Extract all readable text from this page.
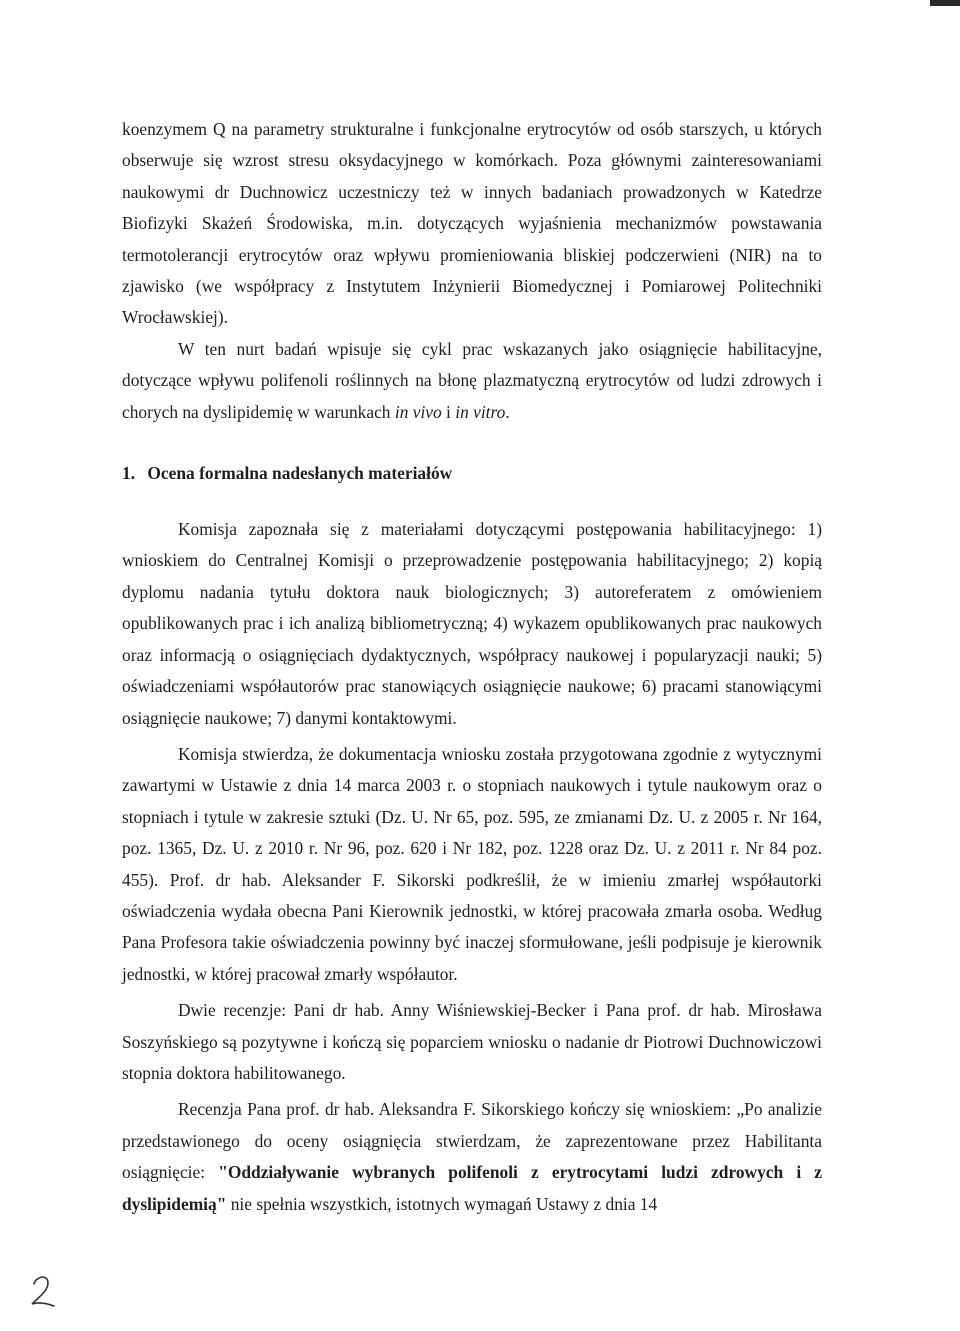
koenzymem Q na parametry strukturalne i funkcjonalne erytrocytów od osób starszych, u których obserwuje się wzrost stresu oksydacyjnego w komórkach. Poza głównymi zainteresowaniami naukowymi dr Duchnowicz uczestniczy też w innych badaniach prowadzonych w Katedrze Biofizyki Skażeń Środowiska, m.in. dotyczących wyjaśnienia mechanizmów powstawania termotolerancji erytrocytów oraz wpływu promieniowania bliskiej podczerwieni (NIR) na to zjawisko (we współpracy z Instytutem Inżynierii Biomedycznej i Pomiarowej Politechniki Wrocławskiej).

W ten nurt badań wpisuje się cykl prac wskazanych jako osiągnięcie habilitacyjne, dotyczące wpływu polifenoli roślinnych na błonę plazmatyczną erytrocytów od ludzi zdrowych i chorych na dyslipidemię w warunkach in vivo i in vitro.

1. Ocena formalna nadesłanych materiałów

Komisja zapoznała się z materiałami dotyczącymi postępowania habilitacyjnego: 1) wnioskiem do Centralnej Komisji o przeprowadzenie postępowania habilitacyjnego; 2) kopią dyplomu nadania tytułu doktora nauk biologicznych; 3) autoreferatem z omówieniem opublikowanych prac i ich analizą bibliometryczną; 4) wykazem opublikowanych prac naukowych oraz informacją o osiągnięciach dydaktycznych, współpracy naukowej i popularyzacji nauki; 5) oświadczeniami współautorów prac stanowiących osiągnięcie naukowe; 6) pracami stanowiącymi osiągnięcie naukowe; 7) danymi kontaktowymi.

Komisja stwierdza, że dokumentacja wniosku została przygotowana zgodnie z wytycznymi zawartymi w Ustawie z dnia 14 marca 2003 r. o stopniach naukowych i tytule naukowym oraz o stopniach i tytule w zakresie sztuki (Dz. U. Nr 65, poz. 595, ze zmianami Dz. U. z 2005 r. Nr 164, poz. 1365, Dz. U. z 2010 r. Nr 96, poz. 620 i Nr 182, poz. 1228 oraz Dz. U. z 2011 r. Nr 84 poz. 455). Prof. dr hab. Aleksander F. Sikorski podkreślił, że w imieniu zmarłej współautorki oświadczenia wydała obecna Pani Kierownik jednostki, w której pracowała zmarła osoba. Według Pana Profesora takie oświadczenia powinny być inaczej sformułowane, jeśli podpisuje je kierownik jednostki, w której pracował zmarły współautor.

Dwie recenzje: Pani dr hab. Anny Wiśniewskiej-Becker i Pana prof. dr hab. Mirosława Soszyńskiego są pozytywne i kończą się poparciem wniosku o nadanie dr Piotrowi Duchnowiczowi stopnia doktora habilitowanego.

Recenzja Pana prof. dr hab. Aleksandra F. Sikorskiego kończy się wnioskiem: „Po analizie przedstawionego do oceny osiągnięcia stwierdzam, że zaprezentowane przez Habilitanta osiągnięcie: "Oddziaływanie wybranych polifenoli z erytrocytami ludzi zdrowych i z dyslipidemią" nie spełnia wszystkich, istotnych wymagań Ustawy z dnia 14

2
